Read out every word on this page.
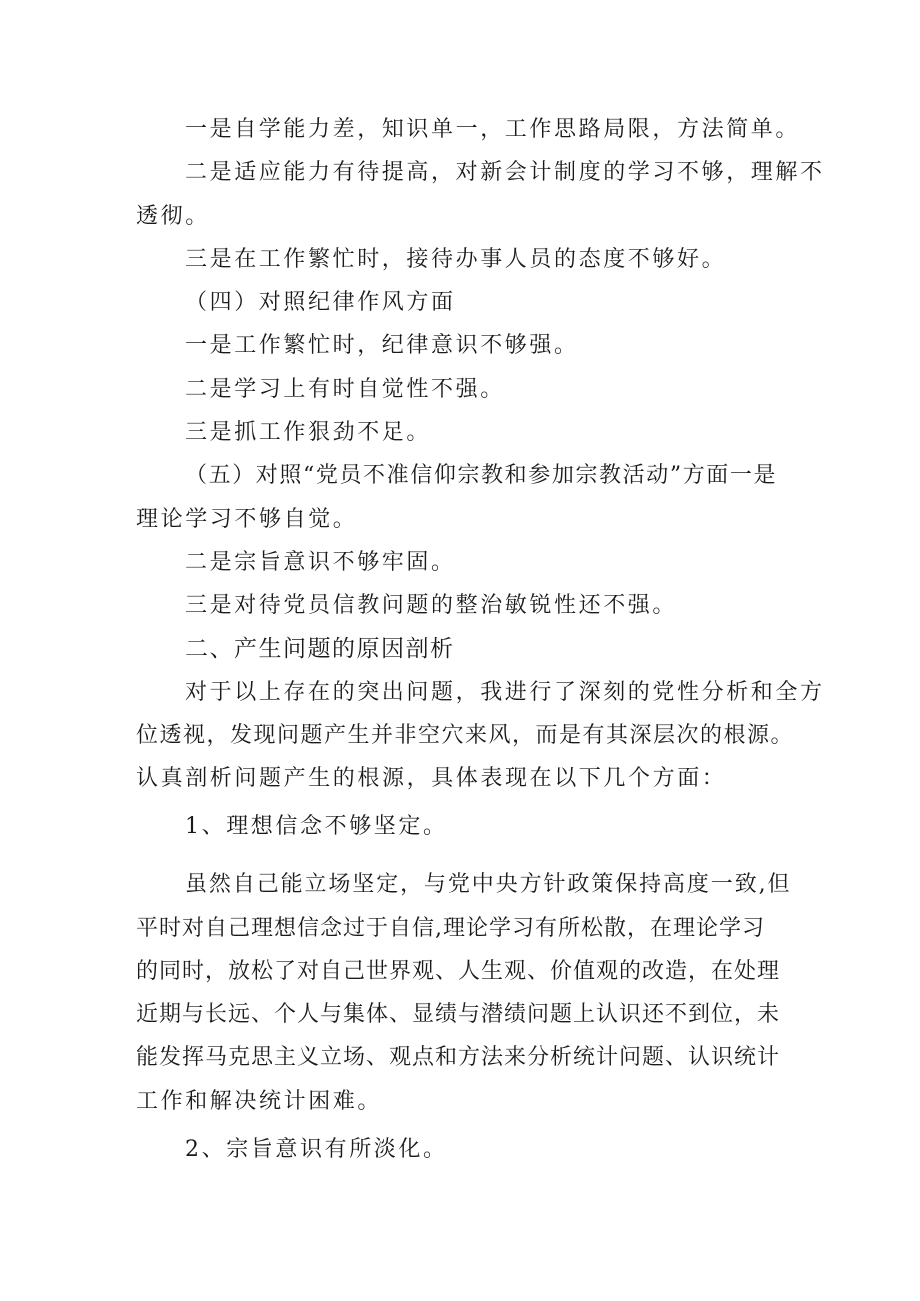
一是自学能力差，知识单一，工作思路局限，方法简单。

二是适应能力有待提高，对新会计制度的学习不够，理解不

透彻。

三是在工作繁忙时，接待办事人员的态度不够好。

（四）对照纪律作风方面

一是工作繁忙时，纪律意识不够强。

二是学习上有时自觉性不强。

三是抓工作狠劲不足。

（五）对照“党员不准信仰宗教和参加宗教活动”方面一是

理论学习不够自觉。

二是宗旨意识不够牢固。

三是对待党员信教问题的整治敏锐性还不强。

二、产生问题的原因剖析

对于以上存在的突出问题，我进行了深刻的党性分析和全方

位透视，发现问题产生并非空穴来风，而是有其深层次的根源。

认真剖析问题产生的根源，具体表现在以下几个方面：

1、理想信念不够坚定。

虽然自己能立场坚定，与党中央方针政策保持高度一致,但

平时对自己理想信念过于自信,理论学习有所松散，在理论学习

的同时，放松了对自己世界观、人生观、价值观的改造，在处理

近期与长远、个人与集体、显绩与潜绩问题上认识还不到位，未

能发挥马克思主义立场、观点和方法来分析统计问题、认识统计

工作和解决统计困难。

2、宗旨意识有所淡化。
